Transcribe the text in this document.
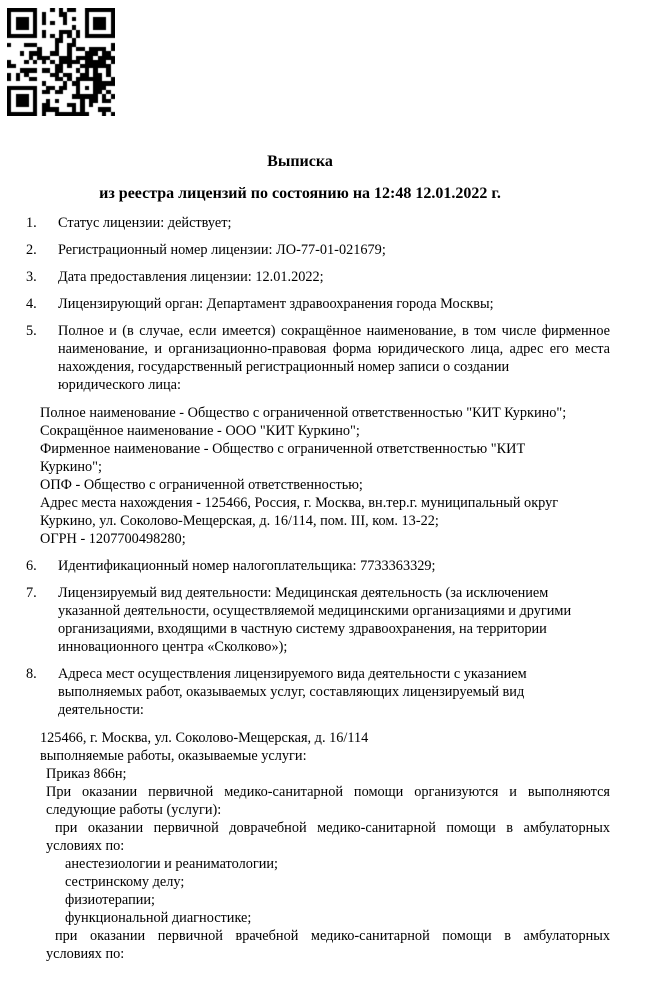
Выписка
из реестра лицензий по состоянию на 12:48 12.01.2022 г.
1. Статус лицензии: действует;
2. Регистрационный номер лицензии: ЛО-77-01-021679;
3. Дата предоставления лицензии: 12.01.2022;
4. Лицензирующий орган: Департамент здравоохранения города Москвы;
5. Полное и (в случае, если имеется) сокращённое наименование, в том числе фирменное
наименование, и организационно-правовая форма юридического лица, адрес его места
нахождения, государственный регистрационный номер записи о создании
юридического лица:
Полное наименование - Общество с ограниченной ответственностью "КИТ Куркино";
Сокращённое наименование - ООО "КИТ Куркино";
Фирменное наименование - Общество с ограниченной ответственностью "КИТ
Куркино";
ОПФ - Общество с ограниченной ответственностью;
Адрес места нахождения - 125466, Россия, г. Москва, вн.тер.г. муниципальный округ
Куркино, ул. Соколово-Мещерская, д. 16/114, пом. III, ком. 13-22;
ОГРН - 1207700498280;
6. Идентификационный номер налогоплательщика: 7733363329;
7. Лицензируемый вид деятельности: Медицинская деятельность (за исключением
указанной деятельности, осуществляемой медицинскими организациями и другими
организациями, входящими в частную систему здравоохранения, на территории
инновационного центра «Сколково»);
8. Адреса мест осуществления лицензируемого вида деятельности с указанием
выполняемых работ, оказываемых услуг, составляющих лицензируемый вид
деятельности:
125466, г. Москва, ул. Соколово-Мещерская, д. 16/114
выполняемые работы, оказываемые услуги:
Приказ 866н;
При оказании первичной медико-санитарной помощи организуются и выполняются
следующие работы (услуги):
при оказании первичной доврачебной медико-санитарной помощи в амбулаторных
условиях по:
анестезиологии и реаниматологии;
сестринскому делу;
физиотерапии;
функциональной диагностике;
при оказании первичной врачебной медико-санитарной помощи в амбулаторных
условиях по:
